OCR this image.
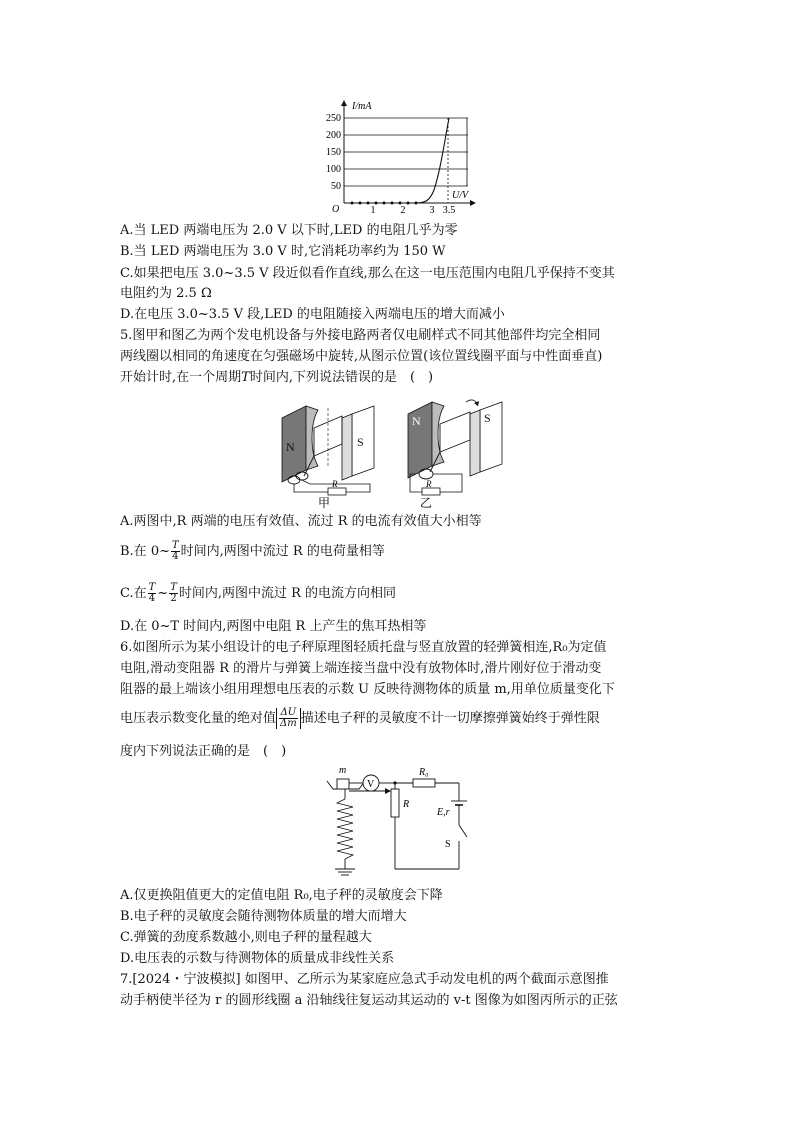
I/mA
U/V
O
250
200
150
100
50
1	2 3 3.5
A.当 LED 两端电压为 2.0 V 以下时,LED 的电阻几乎为零
B.当 LED 两端电压为 3.0 V 时,它消耗功率约为 150 W
C.如果把电压 3.0~3.5 V 段近似看作直线,那么在这一电压范围内电阻几乎保持不变其
电阻约为 2.5 Ω
D.在电压 3.0~3.5 V 段,LED 的电阻随接入两端电压的增大而减小
5.图甲和图乙为两个发电机设备与外接电路两者仅电刷样式不同其他部件均完全相同
两线圈以相同的角速度在匀强磁场中旋转,从图示位置(该位置线圈平面与中性面垂直)
开始计时,在一个周期T时间内,下列说法错误的是　(　)
N	S
R
甲
N	S
R
乙
A.两图中,R 两端的电压有效值、流过 R 的电流有效值大小相等
B.在 0~ $\frac{T}{4}$ 时间内,两图中流过 R 的电荷量相等
C.在 $\frac{T}{4}$ ~ $\frac{T}{2}$ 时间内,两图中流过 R 的电流方向相同
D.在 0~T 时间内,两图中电阻 R 上产生的焦耳热相等
6.如图所示为某小组设计的电子秤原理图轻质托盘与竖直放置的轻弹簧相连,R₀为定值
电阻,滑动变阻器 R 的滑片与弹簧上端连接当盘中没有放物体时,滑片刚好位于滑动变
阻器的最上端该小组用理想电压表的示数 U 反映待测物体的质量 m,用单位质量变化下
电压表示数变化量的绝对值 $\frac{\Delta U}{\Delta m}$ 描述电子秤的灵敏度不计一切摩擦弹簧始终于弹性限
度内下列说法正确的是　(　)
m
V
R₀
E,r
S
R
A.仅更换阻值更大的定值电阻 R₀,电子秤的灵敏度会下降
B.电子秤的灵敏度会随待测物体质量的增大而增大
C.弹簧的劲度系数越小,则电子秤的量程越大
D.电压表的示数与待测物体的质量成非线性关系
7.[2024・宁波模拟] 如图甲、乙所示为某家庭应急式手动发电机的两个截面示意图推
动手柄使半径为 r 的圆形线圈 a 沿轴线往复运动其运动的 v-t 图像为如图丙所示的正弦
